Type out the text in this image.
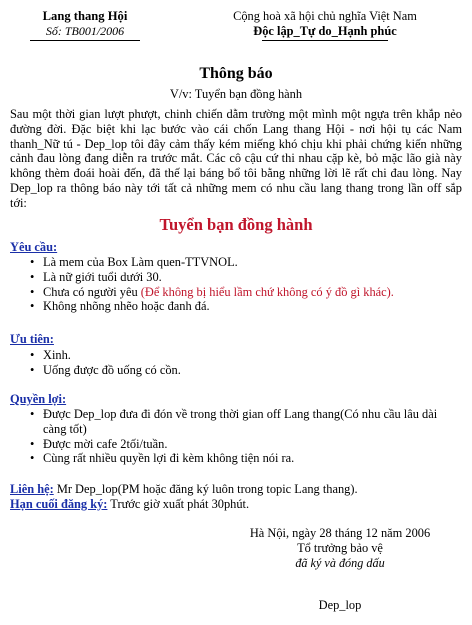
Lang thang Hội
Số: TB001/2006
Cộng hoà xã hội chủ nghĩa Việt Nam
Độc lập_Tự do_Hạnh phúc
Thông báo
V/v: Tuyển bạn đồng hành
Sau một thời gian lượt phượt, chinh chiến dằm trường một mình một ngựa trên khắp nẻo đường đời. Đặc biệt khi lạc bước vào cái chốn Lang thang Hội - nơi hội tụ các Nam thanh_Nữ tú - Dep_lop tôi đây cảm thấy kém miếng khó chịu khi phải chứng kiến những cảnh đau lòng đang diễn ra trước mắt. Các cô cậu cứ thi nhau cặp kè, bỏ mặc lão già này không thèm đoái hoài đến, đã thế lại báng bổ tôi bằng những lời lẽ rất chi đau lòng. Nay Dep_lop ra thông báo này tới tất cả những mem có nhu cầu lang thang trong lần off sắp tới:
Tuyển bạn đồng hành
Yêu cầu:
• Là mem của Box Làm quen-TTVNOL.
• Là nữ giới tuổi dưới 30.
• Chưa có người yêu (Để không bị hiểu lầm chứ không có ý đồ gì khác).
• Không nhõng nhẽo hoặc đanh đá.
Ưu tiên:
• Xinh.
• Uống được đồ uống có cồn.
Quyền lợi:
• Được Dep_lop đưa đi đón về trong thời gian off Lang thang(Có nhu cầu lâu dài càng tốt)
• Được mời cafe 2tối/tuần.
• Cùng rất nhiều quyền lợi đi kèm không tiện nói ra.
Liên hệ: Mr Dep_lop(PM hoặc đăng ký luôn trong topic Lang thang).
Hạn cuối đăng ký: Trước giờ xuất phát 30phút.
Hà Nội, ngày 28 tháng 12 năm 2006
Tổ trưởng bảo vệ
đã ký và đóng dấu
Dep_lop
